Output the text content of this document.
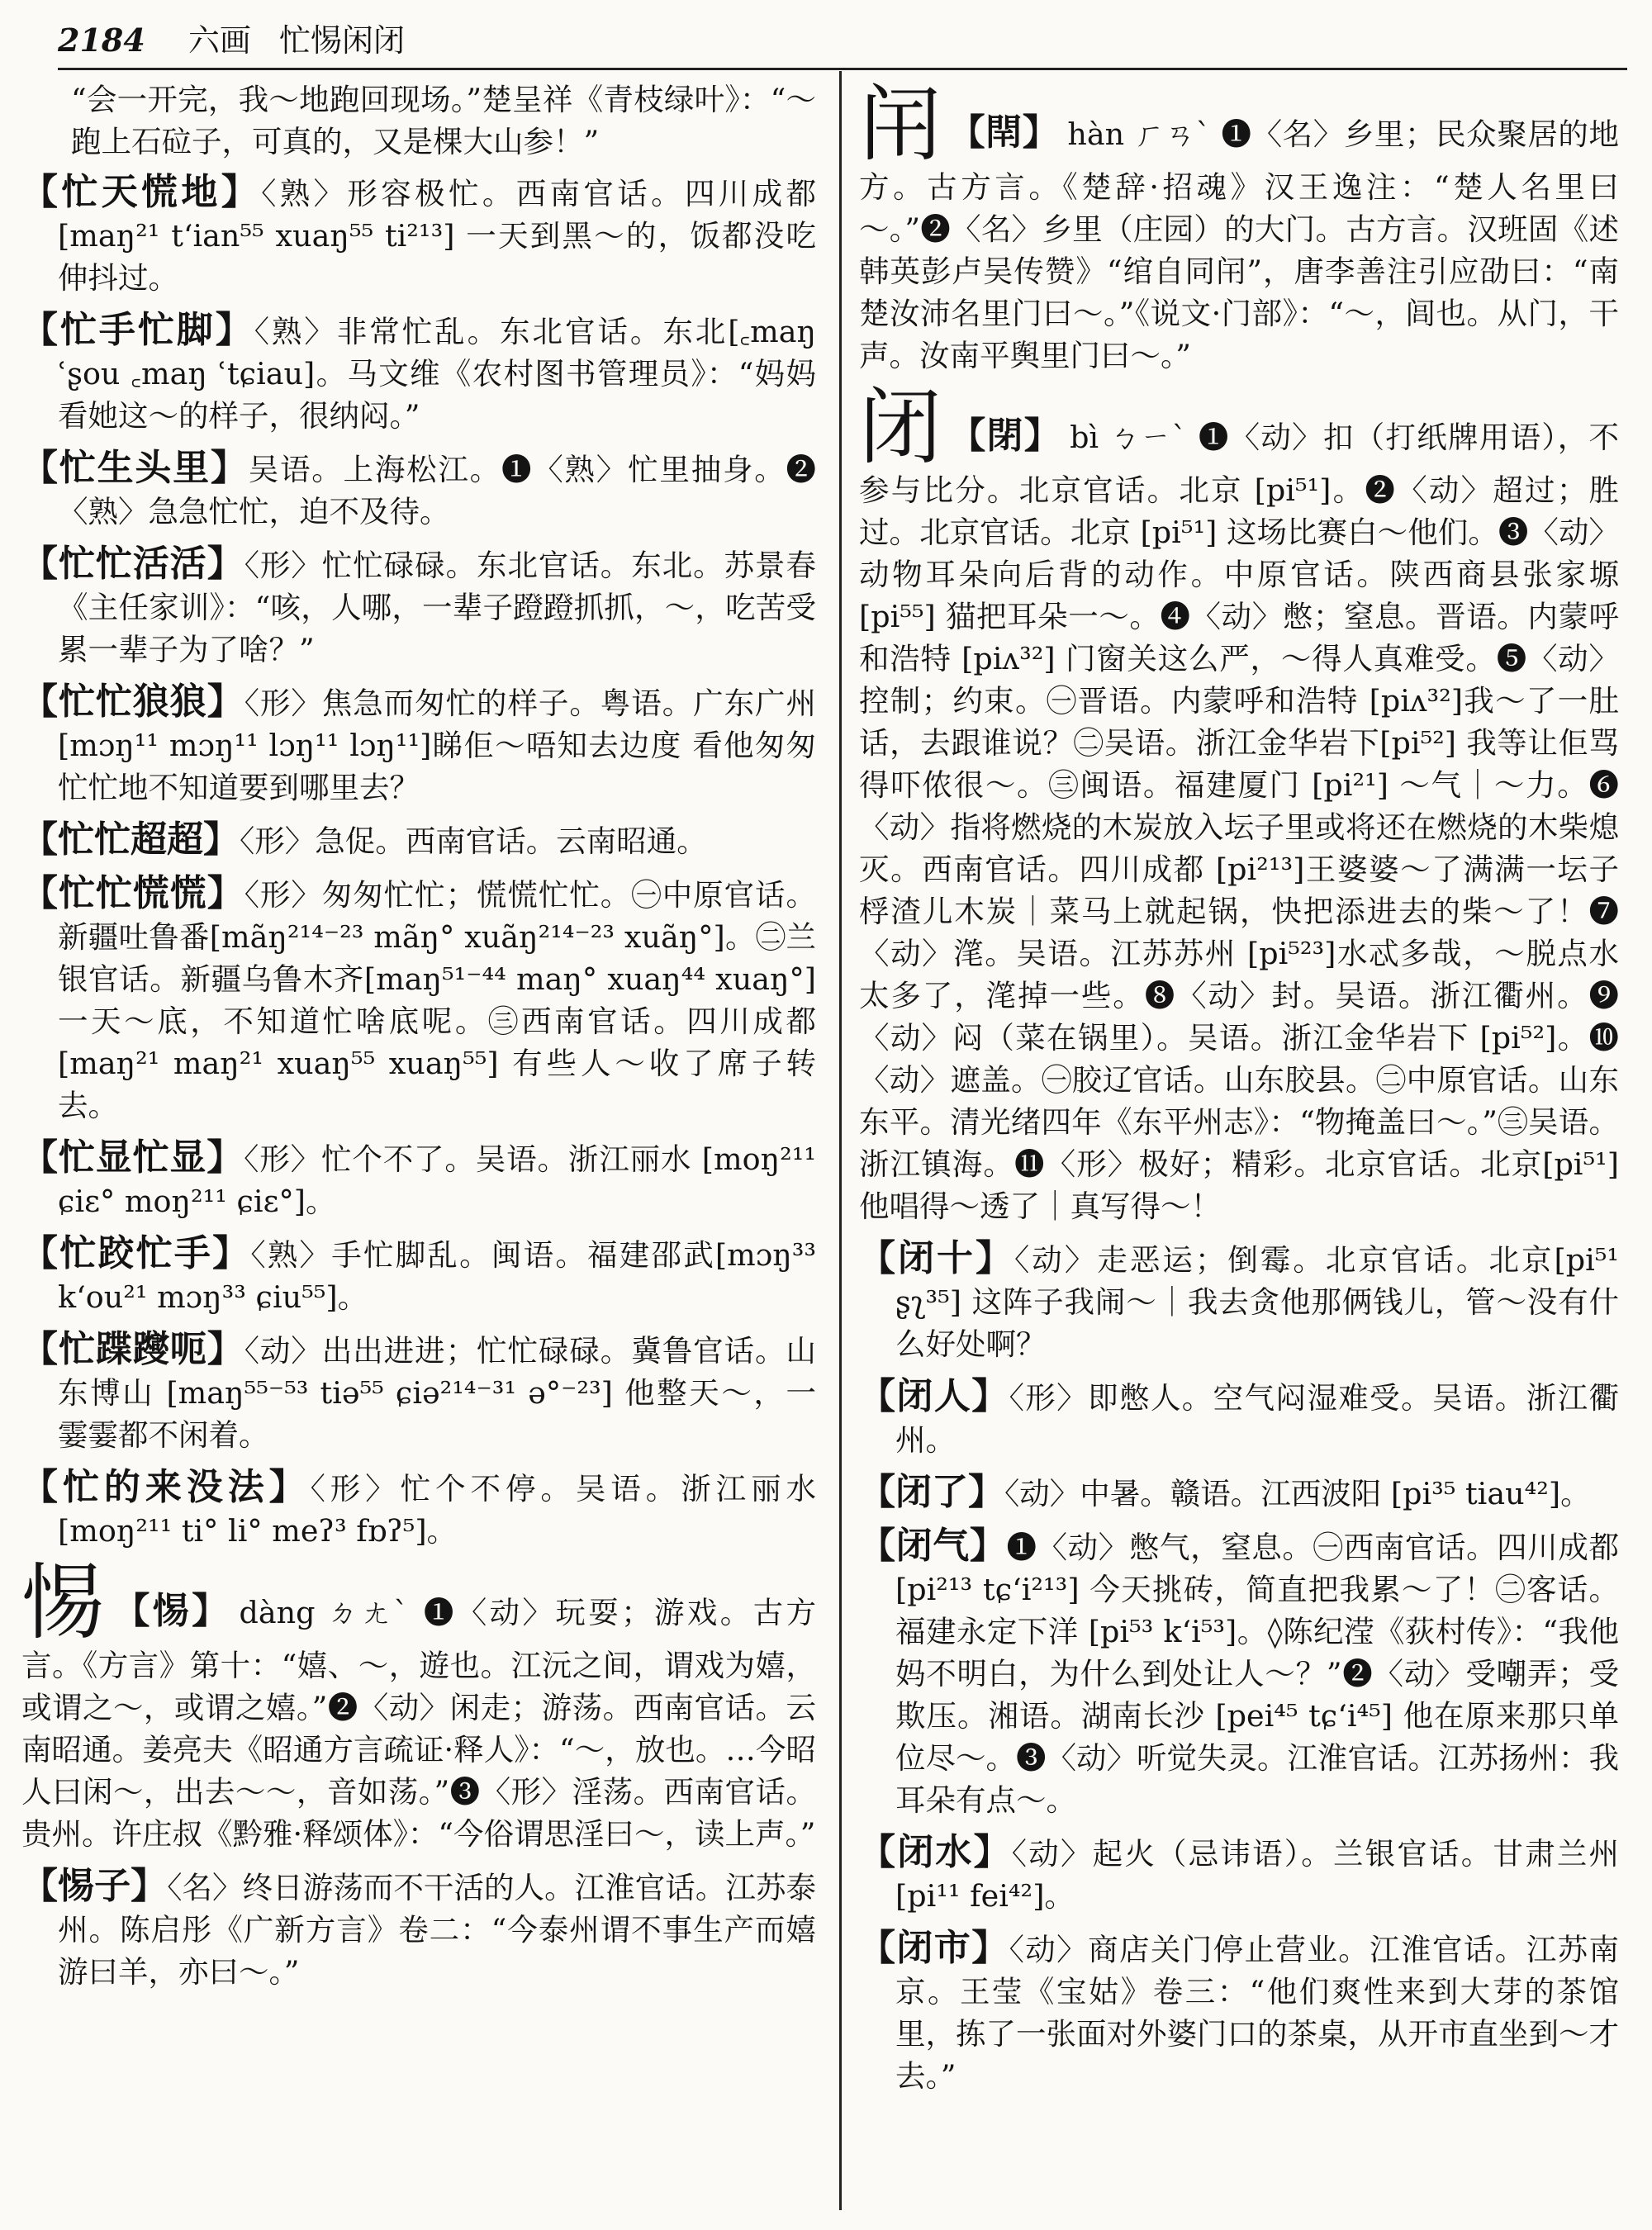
2184 六画 忙惕闲闭
“会一开完，我～地跑回现场。”楚呈祥《青枝绿叶》：“～跑上石砬子，可真的，又是棵大山参！”
【忙天慌地】〈熟〉形容极忙。西南官话。四川成都[maŋ²¹ tʻian⁵⁵ xuaŋ⁵⁵ ti²¹³] 一天到黑～的，饭都没吃伸抖过。
【忙手忙脚】〈熟〉非常忙乱。东北官话。东北[꜀maŋ ʿʂou ꜀maŋ ʿtɕiau]。马文维《农村图书管理员》：“妈妈看她这～的样子，很纳闷。”
【忙生头里】吴语。上海松江。❶〈熟〉忙里抽身。❷〈熟〉急急忙忙，迫不及待。
【忙忙活活】〈形〉忙忙碌碌。东北官话。东北。苏景春《主任家训》：“咳，人哪，一辈子蹬蹬抓抓，～，吃苦受累一辈子为了啥？”
【忙忙狼狼】〈形〉焦急而匆忙的样子。粤语。广东广州 [mɔŋ¹¹ mɔŋ¹¹ lɔŋ¹¹ lɔŋ¹¹]睇佢～唔知去边度 看他匆匆忙忙地不知道要到哪里去？
【忙忙超超】〈形〉急促。西南官话。云南昭通。
【忙忙慌慌】〈形〉匆匆忙忙；慌慌忙忙。㊀中原官话。新疆吐鲁番[mãŋ²¹⁴⁻²³ mãŋ° xuãŋ²¹⁴⁻²³ xuãŋ°]。㊁兰银官话。新疆乌鲁木齐[maŋ⁵¹⁻⁴⁴ maŋ° xuaŋ⁴⁴ xuaŋ°] 一天～底，不知道忙啥底呢。㊂西南官话。四川成都 [maŋ²¹ maŋ²¹ xuaŋ⁵⁵ xuaŋ⁵⁵] 有些人～收了席子转去。
【忙显忙显】〈形〉忙个不了。吴语。浙江丽水 [moŋ²¹¹ ɕiɛ° moŋ²¹¹ ɕiɛ°]。
【忙跤忙手】〈熟〉手忙脚乱。闽语。福建邵武[mɔŋ³³ kʻou²¹ mɔŋ³³ ɕiu⁵⁵]。
【忙蹀躞呃】〈动〉出出进进；忙忙碌碌。冀鲁官话。山东博山 [maŋ⁵⁵⁻⁵³ tiə⁵⁵ ɕiə²¹⁴⁻³¹ ə°⁻²³] 他整天～，一霎霎都不闲着。
【忙的来没法】〈形〉忙个不停。吴语。浙江丽水 [moŋ²¹¹ ti° li° meʔ³ fɒʔ⁵]。
惕 【惕】 dàng ㄉㄤˋ ❶〈动〉玩耍；游戏。古方言。《方言》第十：“嬉、～，遊也。江沅之间，谓戏为嬉，或谓之～，或谓之嬉。”❷〈动〉闲走；游荡。西南官话。云南昭通。姜亮夫《昭通方言疏证·释人》：“～，放也。…今昭人曰闲～，出去～～，音如荡。”❸〈形〉淫荡。西南官话。贵州。许庄叔《黔雅·释颂体》：“今俗谓思淫曰～，读上声。”
【惕子】〈名〉终日游荡而不干活的人。江淮官话。江苏泰州。陈启彤《广新方言》卷二：“今泰州谓不事生产而嬉游曰羊，亦曰～。”
闬 【閈】 hàn ㄏㄢˋ ❶〈名〉乡里；民众聚居的地方。古方言。《楚辞·招魂》汉王逸注：“楚人名里曰～。”❷〈名〉乡里（庄园）的大门。古方言。汉班固《述韩英彭卢吴传赞》“绾自同闬”，唐李善注引应劭曰：“南楚汝沛名里门曰～。”《说文·门部》：“～，闾也。从门，干声。汝南平舆里门曰～。”
闭 【閉】 bì ㄅㄧˋ ❶〈动〉扣（打纸牌用语），不参与比分。北京官话。北京 [pi⁵¹]。❷〈动〉超过；胜过。北京官话。北京 [pi⁵¹] 这场比赛白～他们。❸〈动〉动物耳朵向后背的动作。中原官话。陕西商县张家塬 [pi⁵⁵] 猫把耳朵一～。❹〈动〉憋；窒息。晋语。内蒙呼和浩特 [piʌ³²] 门窗关这么严，～得人真难受。❺〈动〉控制；约束。㊀晋语。内蒙呼和浩特 [piʌ³²]我～了一肚话，去跟谁说？㊁吴语。浙江金华岩下[pi⁵²] 我等让佢骂得吓侬很～。㊂闽语。福建厦门 [pi²¹] ～气｜～力。❻〈动〉指将燃烧的木炭放入坛子里或将还在燃烧的木柴熄灭。西南官话。四川成都 [pi²¹³]王婆婆～了满满一坛子桴渣儿木炭｜菜马上就起锅，快把添进去的柴～了！❼〈动〉滗。吴语。江苏苏州 [pi⁵²³]水忒多哉，～脱点水太多了，滗掉一些。❽〈动〉封。吴语。浙江衢州。❾〈动〉闷（菜在锅里）。吴语。浙江金华岩下 [pi⁵²]。❿〈动〉遮盖。㊀胶辽官话。山东胶县。㊁中原官话。山东东平。清光绪四年《东平州志》：“物掩盖曰～。”㊂吴语。浙江镇海。⓫〈形〉极好；精彩。北京官话。北京[pi⁵¹]他唱得～透了｜真写得～！
【闭十】〈动〉走恶运；倒霉。北京官话。北京[pi⁵¹ ʂʅ³⁵] 这阵子我闹～｜我去贪他那俩钱儿，管～没有什么好处啊？
【闭人】〈形〉即憋人。空气闷湿难受。吴语。浙江衢州。
【闭了】〈动〉中暑。赣语。江西波阳 [pi³⁵ tiau⁴²]。
【闭气】❶〈动〉憋气，窒息。㊀西南官话。四川成都 [pi²¹³ tɕʻi²¹³] 今天挑砖，简直把我累～了！㊁客话。福建永定下洋 [pi⁵³ kʻi⁵³]。◊陈纪滢《荻村传》：“我他妈不明白，为什么到处让人～？”❷〈动〉受嘲弄；受欺压。湘语。湖南长沙 [pei⁴⁵ tɕʻi⁴⁵] 他在原来那只单位尽～。❸〈动〉听觉失灵。江淮官话。江苏扬州：我耳朵有点～。
【闭水】〈动〉起火（忌讳语）。兰银官话。甘肃兰州 [pi¹¹ fei⁴²]。
【闭市】〈动〉商店关门停止营业。江淮官话。江苏南京。王莹《宝姑》卷三：“他们爽性来到大芽的茶馆里，拣了一张面对外婆门口的茶桌，从开市直坐到～才去。”
